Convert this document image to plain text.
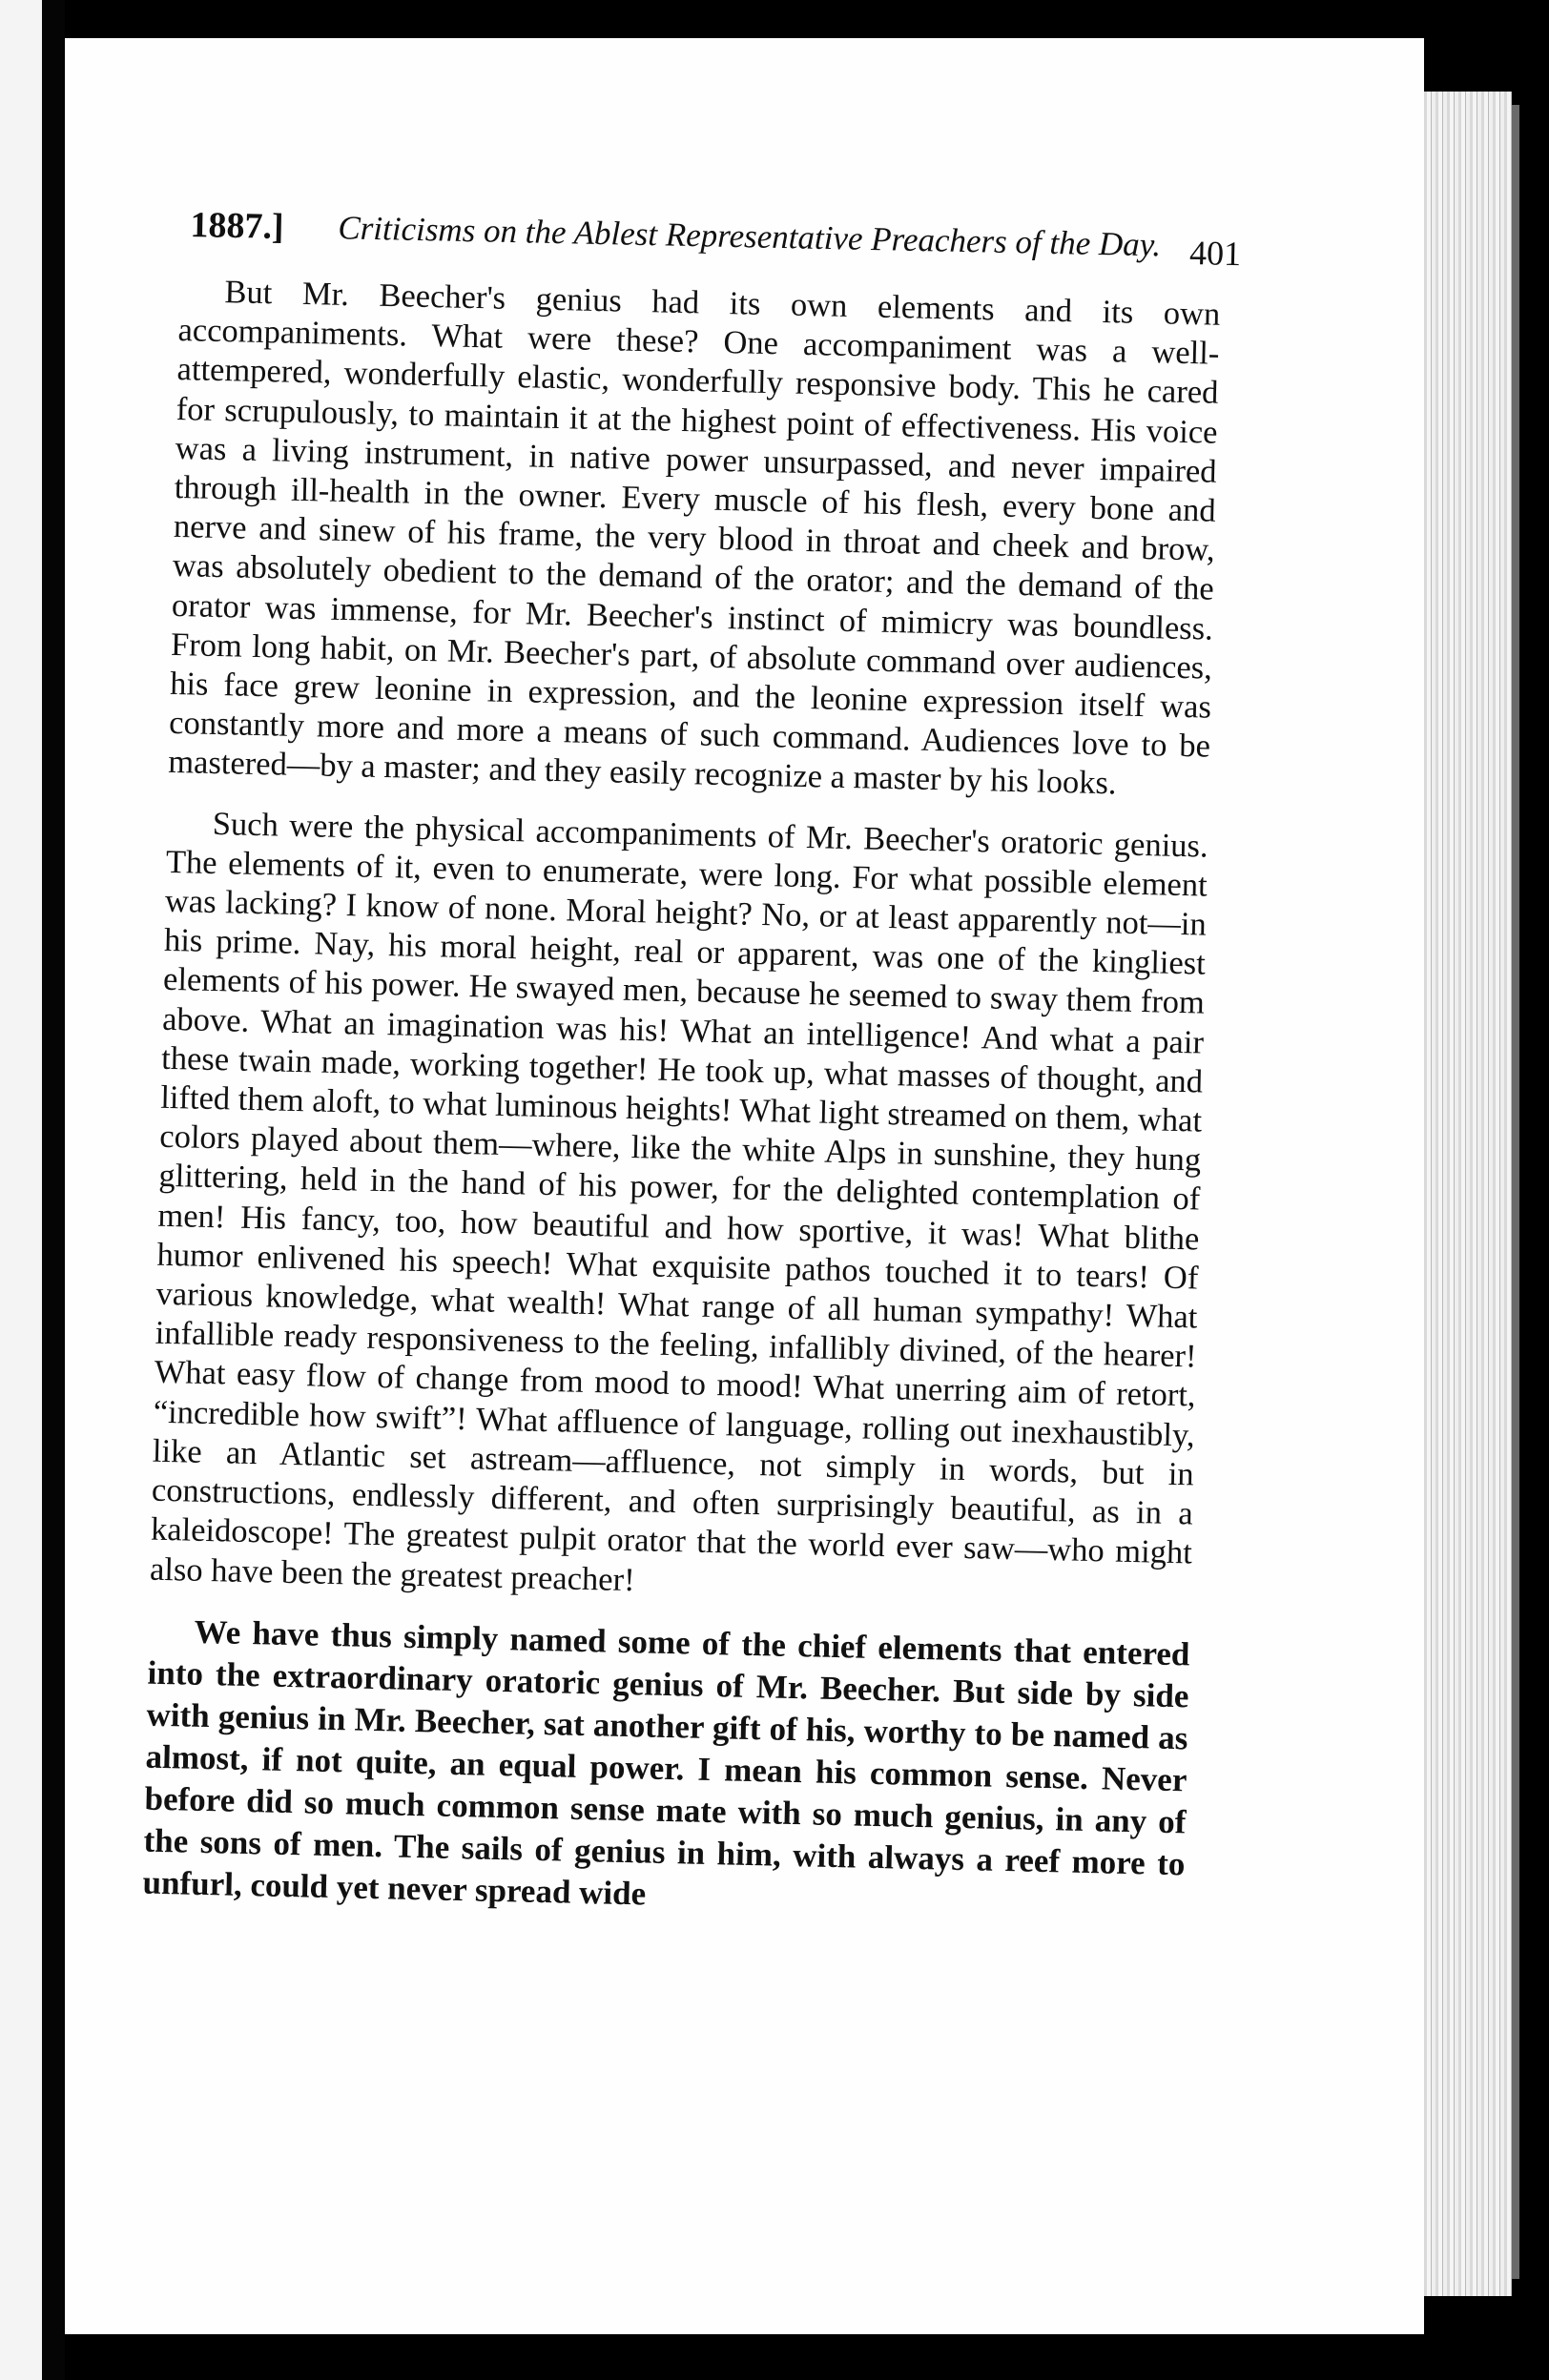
1887.] Criticisms on the Ablest Representative Preachers of the Day. 401

But Mr. Beecher's genius had its own elements and its own accompaniments. What were these? One accompaniment was a well-attempered, wonderfully elastic, wonderfully responsive body. This he cared for scrupulously, to maintain it at the highest point of effectiveness. His voice was a living instrument, in native power unsurpassed, and never impaired through ill-health in the owner. Every muscle of his flesh, every bone and nerve and sinew of his frame, the very blood in throat and cheek and brow, was absolutely obedient to the demand of the orator; and the demand of the orator was immense, for Mr. Beecher's instinct of mimicry was boundless. From long habit, on Mr. Beecher's part, of absolute command over audiences, his face grew leonine in expression, and the leonine expression itself was constantly more and more a means of such command. Audiences love to be mastered—by a master; and they easily recognize a master by his looks.

Such were the physical accompaniments of Mr. Beecher's oratoric genius. The elements of it, even to enumerate, were long. For what possible element was lacking? I know of none. Moral height? No, or at least apparently not—in his prime. Nay, his moral height, real or apparent, was one of the kingliest elements of his power. He swayed men, because he seemed to sway them from above. What an imagination was his! What an intelligence! And what a pair these twain made, working together! He took up, what masses of thought, and lifted them aloft, to what luminous heights! What light streamed on them, what colors played about them—where, like the white Alps in sunshine, they hung glittering, held in the hand of his power, for the delighted contemplation of men! His fancy, too, how beautiful and how sportive, it was! What blithe humor enlivened his speech! What exquisite pathos touched it to tears! Of various knowledge, what wealth! What range of all human sympathy! What infallible ready responsiveness to the feeling, infallibly divined, of the hearer! What easy flow of change from mood to mood! What unerring aim of retort, “incredible how swift”! What affluence of language, rolling out inexhaustibly, like an Atlantic set astream—affluence, not simply in words, but in constructions, endlessly different, and often surprisingly beautiful, as in a kaleidoscope! The greatest pulpit orator that the world ever saw—who might also have been the greatest preacher!

We have thus simply named some of the chief elements that entered into the extraordinary oratoric genius of Mr. Beecher. But side by side with genius in Mr. Beecher, sat another gift of his, worthy to be named as almost, if not quite, an equal power. I mean his common sense. Never before did so much common sense mate with so much genius, in any of the sons of men. The sails of genius in him, with always a reef more to unfurl, could yet never spread wide
